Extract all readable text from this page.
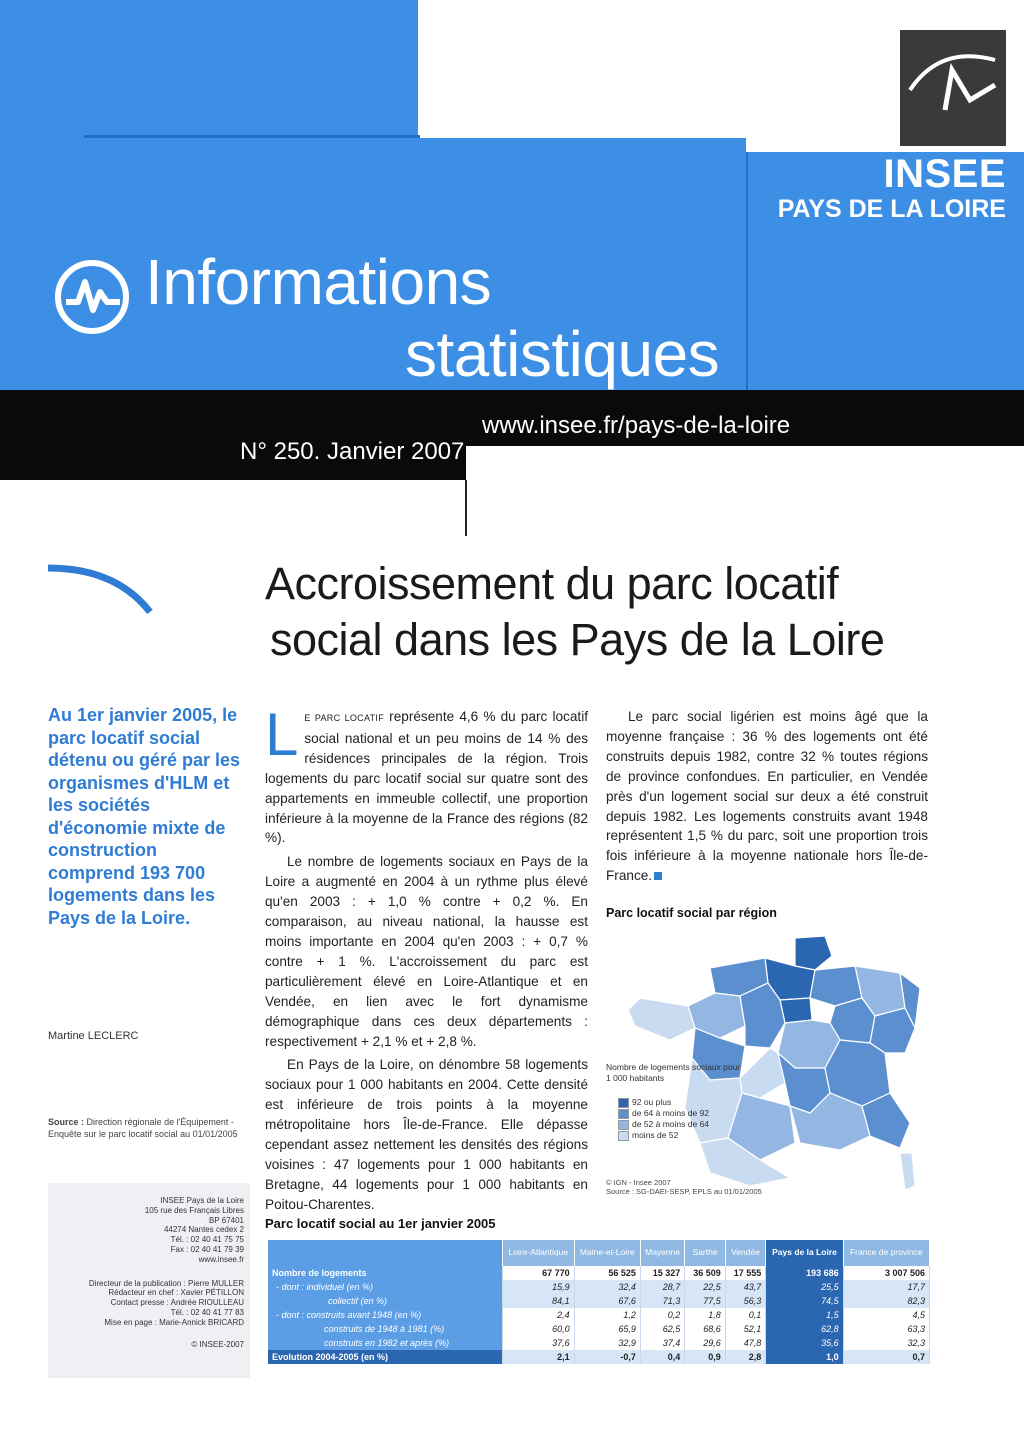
INSEE
PAYS DE LA LOIRE
Informations
statistiques
www.insee.fr/pays-de-la-loire
N° 250. Janvier 2007
Accroissement du parc locatif
social dans les Pays de la Loire
Au 1er janvier 2005, le parc locatif social détenu ou géré par les organismes d'HLM et les sociétés d'économie mixte de construction comprend 193 700 logements dans les Pays de la Loire.
Martine LECLERC
Source : Direction régionale de l'Équipement - Enquête sur le parc locatif social au 01/01/2005

INSEE Pays de la Loire

105 rue des Français Libres

BP 67401

44274 Nantes cedex 2

Tél. : 02 40 41 75 75

Fax : 02 40 41 79 39

www.insee.fr

Directeur de la publication : Pierre MULLER

Rédacteur en chef : Xavier PÉTILLON

Contact presse : Andrée RIOULLEAU

Tél. : 02 40 41 77 83

Mise en page : Marie-Annick BRICARD

© INSEE-2007

L E PARC LOCATIF représente 4,6 % du parc locatif social national et un peu moins de 14 % des résidences principales de la région. Trois logements du parc locatif social sur quatre sont des appartements en immeuble collectif, une proportion inférieure à la moyenne de la France des régions (82 %).

Le nombre de logements sociaux en Pays de la Loire a augmenté en 2004 à un rythme plus élevé qu'en 2003 : + 1,0 % contre + 0,2 %. En comparaison, au niveau national, la hausse est moins importante en 2004 qu'en 2003 : + 0,7 % contre + 1 %. L'accroissement du parc est particulièrement élevé en Loire-Atlantique et en Vendée, en lien avec le fort dynamisme démographique dans ces deux départements : respectivement + 2,1 % et + 2,8 %.

En Pays de la Loire, on dénombre 58 logements sociaux pour 1 000 habitants en 2004. Cette densité est inférieure de trois points à la moyenne métropolitaine hors Île-de-France. Elle dépasse cependant assez nettement les densités des régions voisines : 47 logements pour 1 000 habitants en Bretagne, 44 logements pour 1 000 habitants en Poitou-Charentes.

Le parc social ligérien est moins âgé que la moyenne française : 36 % des logements ont été construits depuis 1982, contre 32 % toutes régions de province confondues. En particulier, en Vendée près d'un logement social sur deux a été construit depuis 1982. Les logements construits avant 1948 représentent 1,5 % du parc, soit une proportion trois fois inférieure à la moyenne nationale hors Île-de-France.

Parc locatif social par région
Nombre de logements sociaux pour 1 000 habitants
92 ou plus
de 64 à moins de 92
de 52 à moins de 64
moins de 52
© IGN - Insee 2007
Source : SG-DAEI-SESP, EPLS au 01/01/2005
Parc locatif social au 1er janvier 2005
	Loire-Atlantique	Maine-et-Loire	Mayenne	Sarthe	Vendée	Pays de la Loire	France de province
Nombre de logements	67 770	56 525	15 327	36 509	17 555	193 686	3 007 506
- dont : individuel (en %)	15,9	32,4	28,7	22,5	43,7	25,5	17,7
collectif (en %)	84,1	67,6	71,3	77,5	56,3	74,5	82,3
- dont : construits avant 1948 (en %)	2,4	1,2	0,2	1,8	0,1	1,5	4,5
construits de 1948 à 1981 (%)	60,0	65,9	62,5	68,6	52,1	62,8	63,3
construits en 1982 et après (%)	37,6	32,9	37,4	29,6	47,8	35,6	32,3
Evolution 2004-2005 (en %)	2,1	-0,7	0,4	0,9	2,8	1,0	0,7
